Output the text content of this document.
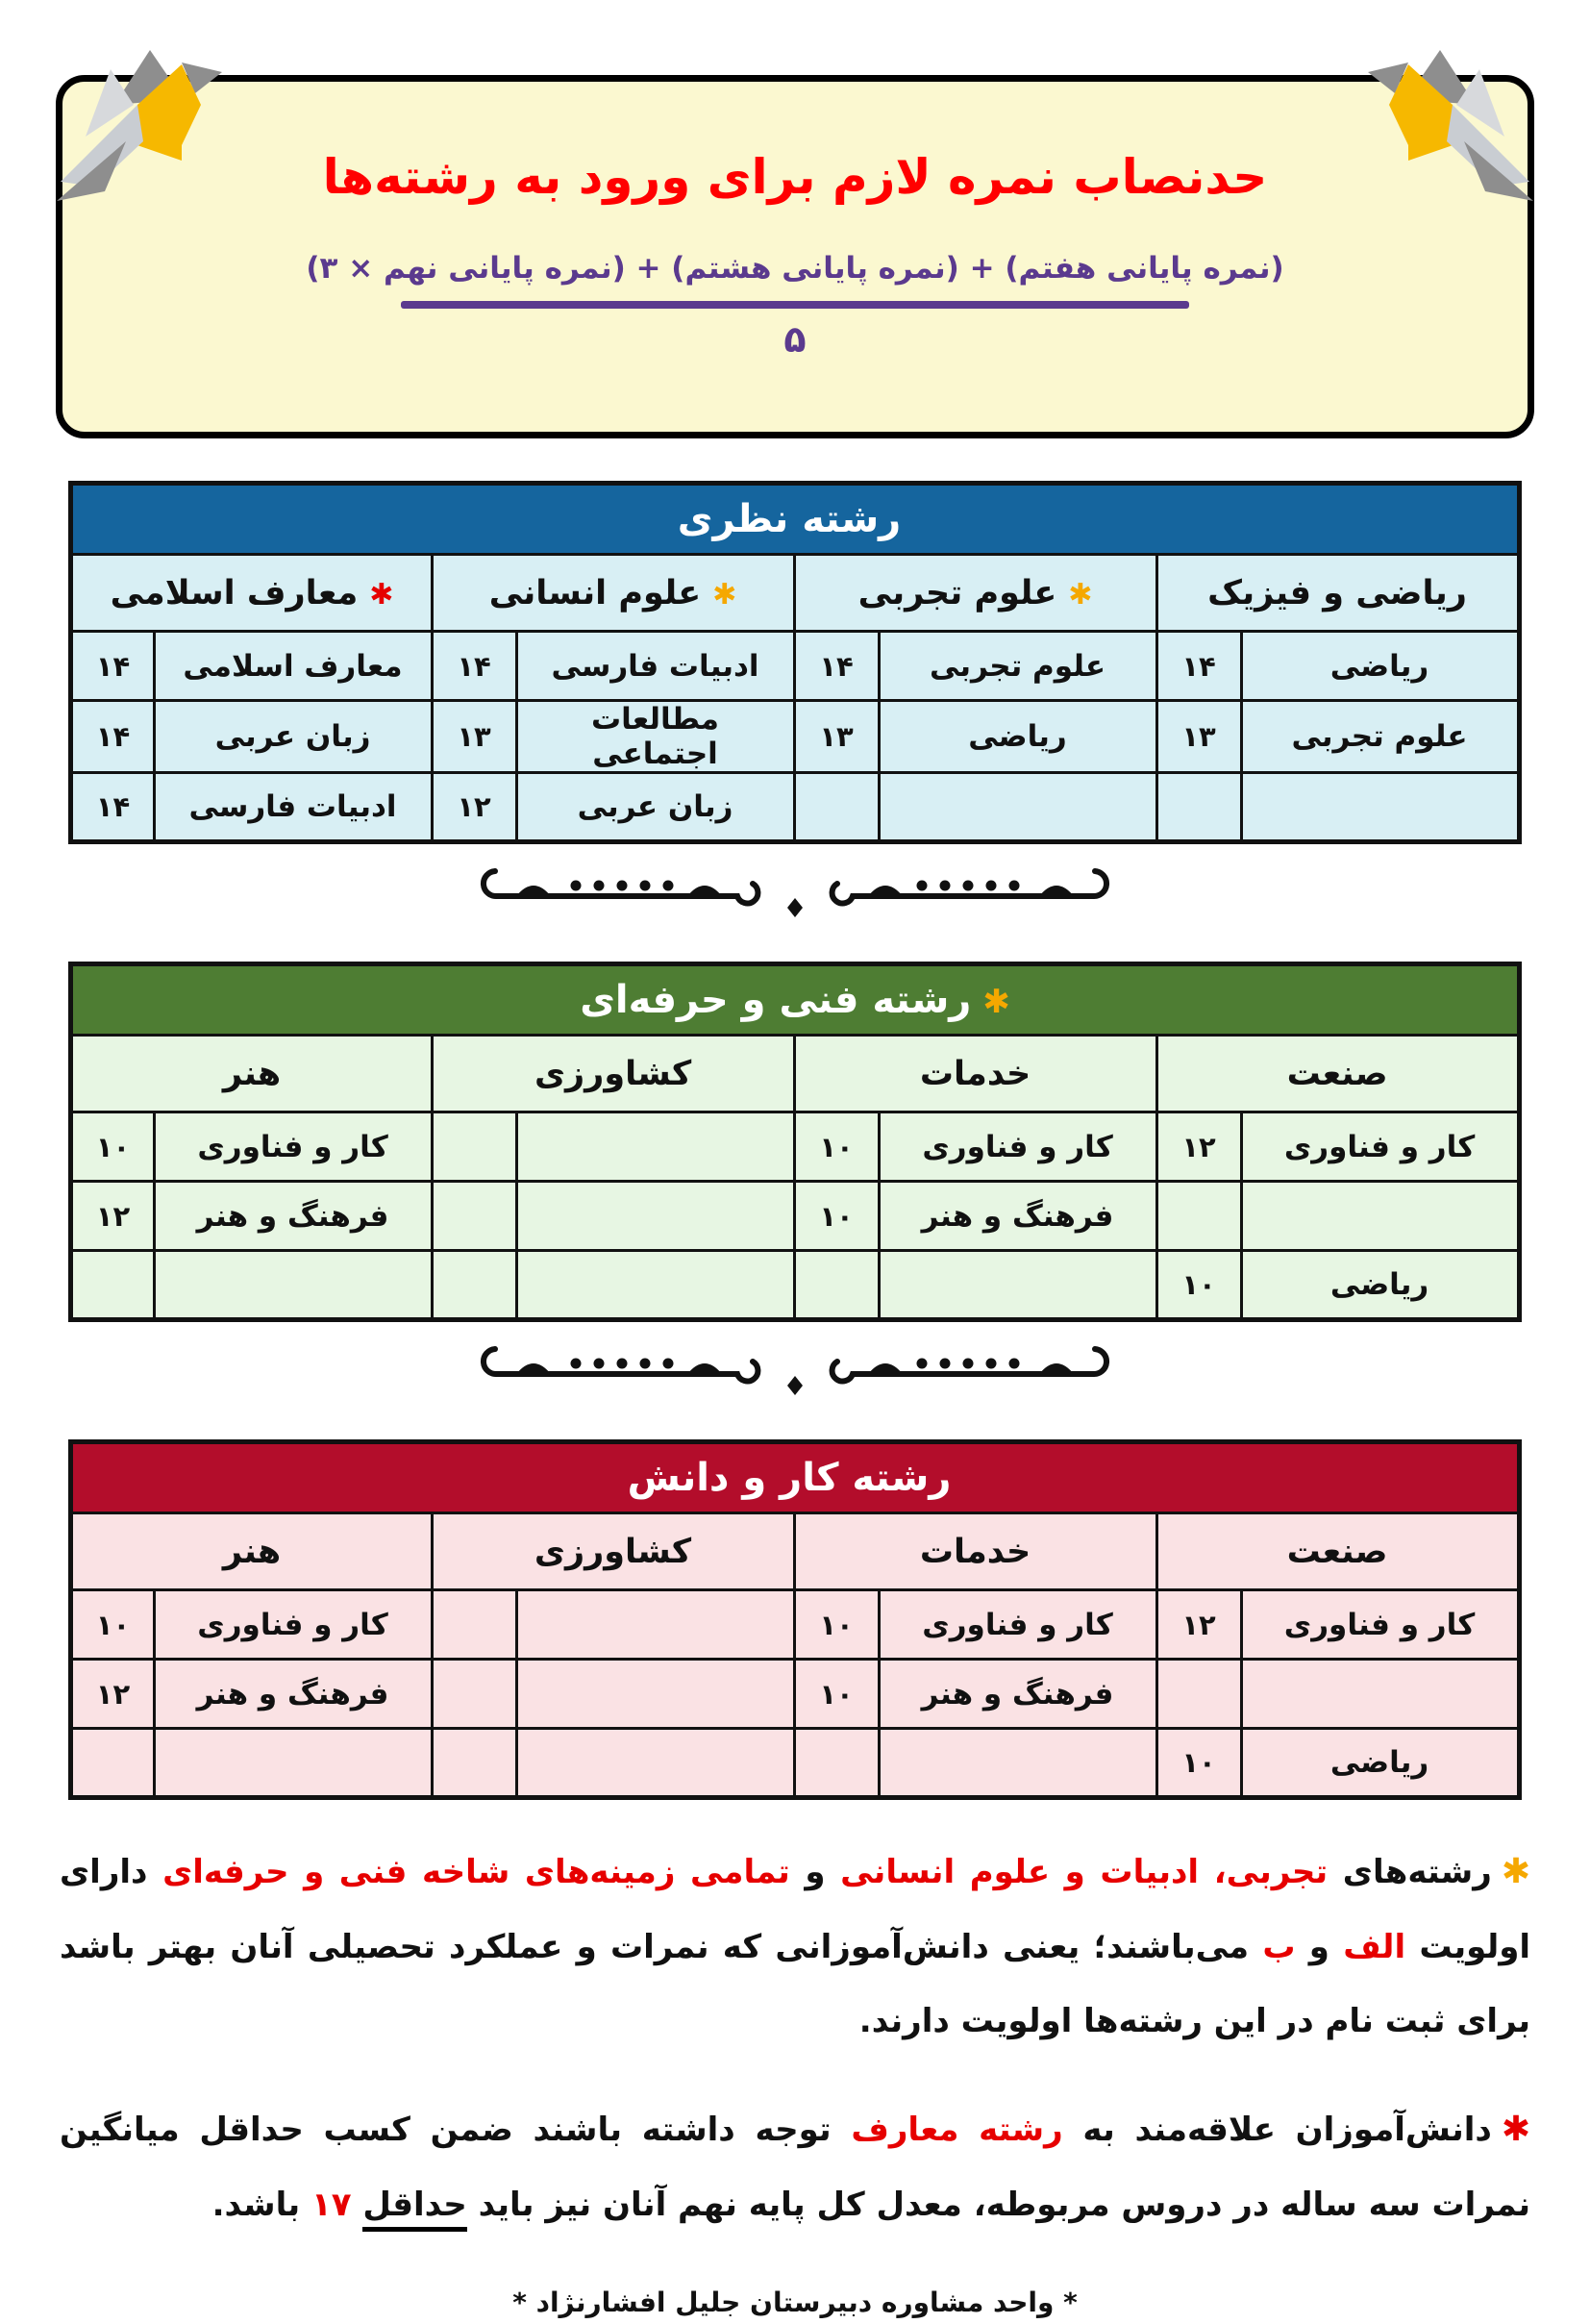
حدنصاب نمره لازم برای ورود به رشته‌ها
(نمره پایانی هفتم) + (نمره پایانی هشتم) + (نمره پایانی نهم × ۳)
۵
رشته نظری							
ریاضی و فیزیک		✱علوم تجربی		✱علوم انسانی		✱معارف اسلامی	
ریاضی	۱۴	علوم تجربی	۱۴	ادبیات فارسی	۱۴	معارف اسلامی	۱۴
علوم تجربی	۱۳	ریاضی	۱۳	مطالعات اجتماعی	۱۳	زبان عربی	۱۴
				زبان عربی	۱۲	ادبیات فارسی	۱۴
✱رشته فنی و حرفه‌ای							
صنعت		خدمات		کشاورزی		هنر	
کار و فناوری	۱۲	کار و فناوری	۱۰			کار و فناوری	۱۰
		فرهنگ و هنر	۱۰			فرهنگ و هنر	۱۲
ریاضی	۱۰						
رشته کار و دانش							
صنعت		خدمات		کشاورزی		هنر	
کار و فناوری	۱۲	کار و فناوری	۱۰			کار و فناوری	۱۰
		فرهنگ و هنر	۱۰			فرهنگ و هنر	۱۲
ریاضی	۱۰						

✱رشته‌های تجربی، ادبیات و علوم انسانی و تمامی زمینه‌های شاخه فنی و حرفه‌ای دارای اولویت الف و ب می‌باشند؛ یعنی دانش‌آموزانی که نمرات و عملکرد تحصیلی آنان بهتر باشد برای ثبت نام در این رشته‌ها اولویت دارند.

✱دانش‌آموزان علاقه‌مند به رشته معارف توجه داشته باشند ضمن کسب حداقل میانگین نمرات سه ساله در دروس مربوطه، معدل کل پایه نهم آنان نیز باید حداقل ۱۷ باشد.

* واحد مشاوره دبیرستان جلیل افشارنژاد *
